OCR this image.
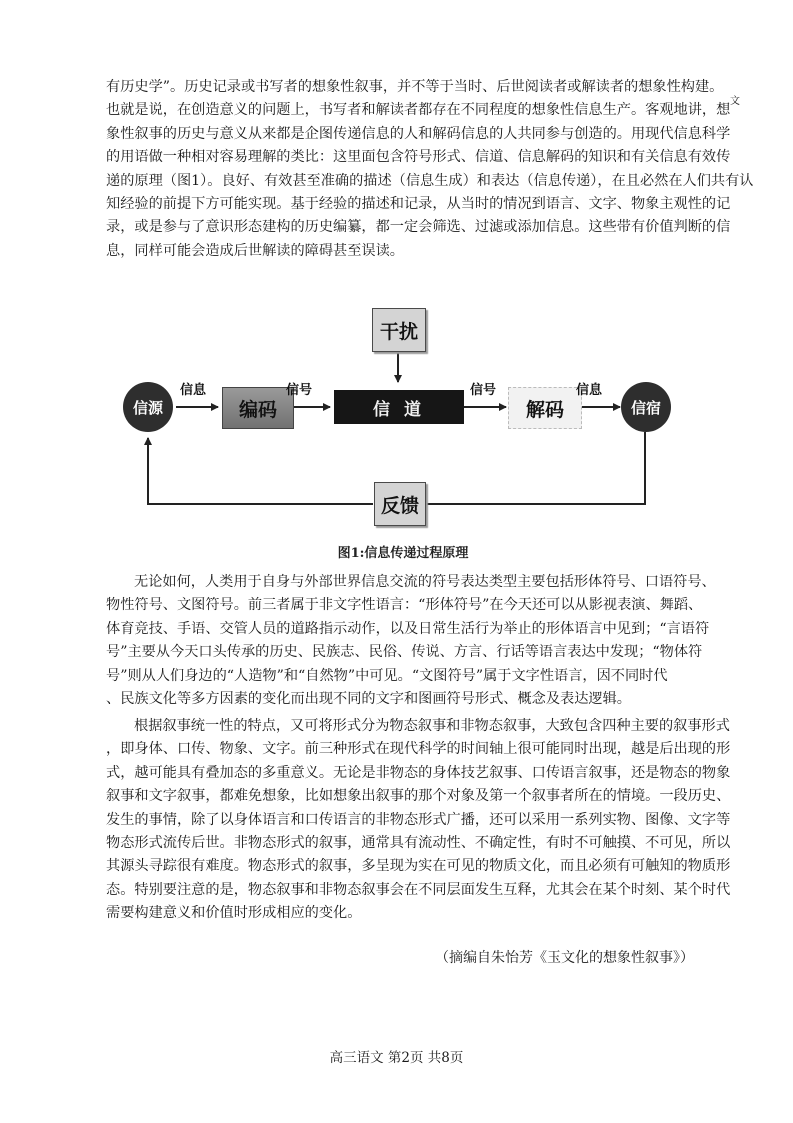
文

有历史学”。历史记录或书写者的想象性叙事，并不等于当时、后世阅读者或解读者的想象性构建。
也就是说，在创造意义的问题上，书写者和解读者都存在不同程度的想象性信息生产。客观地讲，想
象性叙事的历史与意义从来都是企图传递信息的人和解码信息的人共同参与创造的。用现代信息科学
的用语做一种相对容易理解的类比：这里面包含符号形式、信道、信息解码的知识和有关信息有效传
递的原理（图1）。良好、有效甚至准确的描述（信息生成）和表达（信息传递），在且必然在人们共有认
知经验的前提下方可能实现。基于经验的描述和记录，从当时的情况到语言、文字、物象主观性的记
录，或是参与了意识形态建构的历史编纂，都一定会筛选、过滤或添加信息。这些带有价值判断的信
息，同样可能会造成后世解读的障碍甚至误读。

信源	编码	信 道
干扰
解码	信宿
反馈
信息	信号	信号	信息
图1:信息传递过程原理

无论如何，人类用于自身与外部世界信息交流的符号表达类型主要包括形体符号、口语符号、
物性符号、文图符号。前三者属于非文字性语言：“形体符号”在今天还可以从影视表演、舞蹈、
体育竞技、手语、交管人员的道路指示动作，以及日常生活行为举止的形体语言中见到；“言语符
号”主要从今天口头传承的历史、民族志、民俗、传说、方言、行话等语言表达中发现；“物体符
号”则从人们身边的“人造物”和“自然物”中可见。“文图符号”属于文字性语言，因不同时代
、民族文化等多方因素的变化而出现不同的文字和图画符号形式、概念及表达逻辑。

根据叙事统一性的特点，又可将形式分为物态叙事和非物态叙事，大致包含四种主要的叙事形式
，即身体、口传、物象、文字。前三种形式在现代科学的时间轴上很可能同时出现，越是后出现的形
式，越可能具有叠加态的多重意义。无论是非物态的身体技艺叙事、口传语言叙事，还是物态的物象
叙事和文字叙事，都难免想象，比如想象出叙事的那个对象及第一个叙事者所在的情境。一段历史、
发生的事情，除了以身体语言和口传语言的非物态形式广播，还可以采用一系列实物、图像、文字等
物态形式流传后世。非物态形式的叙事，通常具有流动性、不确定性，有时不可触摸、不可见，所以
其源头寻踪很有难度。物态形式的叙事，多呈现为实在可见的物质文化，而且必须有可触知的物质形
态。特别要注意的是，物态叙事和非物态叙事会在不同层面发生互释，尤其会在某个时刻、某个时代
需要构建意义和价值时形成相应的变化。

（摘编自朱怡芳《玉文化的想象性叙事》）
高三语文 第2页 共8页
